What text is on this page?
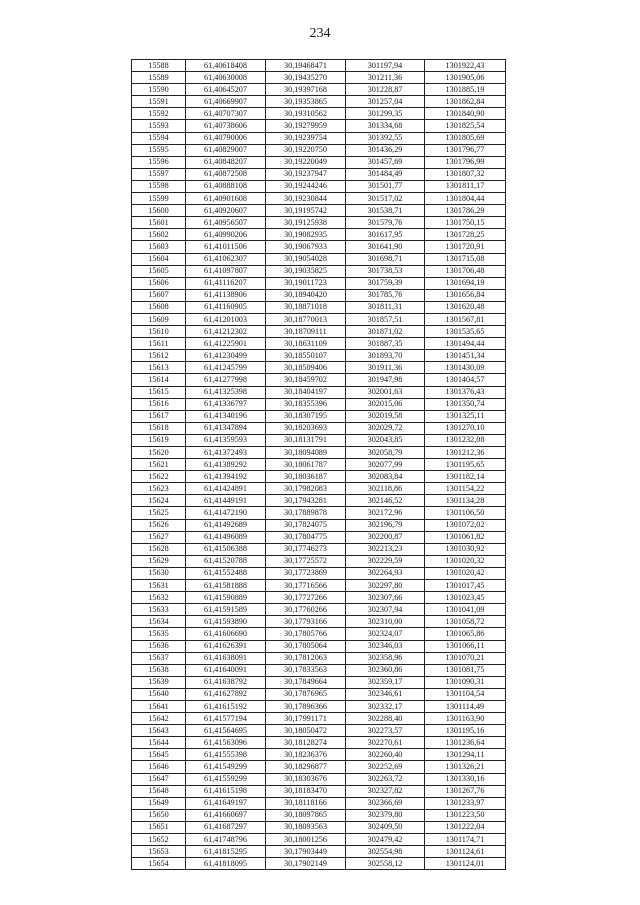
234
15588	61,40618408	30,19468471	301197,94	1301922,43
15589	61,40630008	30,19435270	301211,36	1301905,06
15590	61,40645207	30,19397168	301228,87	1301885,19
15591	61,40669907	30,19353865	301257,04	1301862,84
15592	61,40707307	30,19310562	301299,35	1301840,90
15593	61,40738606	30,19279959	301334,68	1301825,54
15594	61,40790006	30,19239754	301392,55	1301805,69
15595	61,40829007	30,19220750	301436,29	1301796,77
15596	61,40848207	30,19220049	301457,69	1301796,99
15597	61,40872508	30,19237947	301484,49	1301807,32
15598	61,40888108	30,19244246	301501,77	1301811,17
15599	61,40901608	30,19230844	301517,02	1301804,44
15600	61,40920607	30,19195742	301538,71	1301786,29
15601	61,40956507	30,19125938	301579,76	1301750,15
15602	61,40990206	30,19082935	301617,95	1301728,25
15603	61,41011506	30,19067933	301641,90	1301720,91
15604	61,41062307	30,19054028	301698,71	1301715,08
15605	61,41097807	30,19035825	301738,53	1301706,48
15606	61,41116207	30,19011723	301759,39	1301694,19
15607	61,41138906	30,18940420	301785,76	1301656,84
15608	61,41160905	30,18871018	301811,31	1301620,48
15609	61,41201003	30,18770013	301857,51	1301567,81
15610	61,41212302	30,18709111	301871,02	1301535,65
15611	61,41225901	30,18631109	301887,35	1301494,44
15612	61,41230499	30,18550107	301893,70	1301451,34
15613	61,41245799	30,18509406	301911,36	1301430,09
15614	61,41277998	30,18459702	301947,98	1301404,57
15615	61,41325398	30,18404197	302001,63	1301376,43
15616	61,41336797	30,18355396	302015,06	1301350,74
15617	61,41340196	30,18307195	302019,58	1301325,11
15618	61,41347894	30,18203693	302029,72	1301270,10
15619	61,41359593	30,18131791	302043,85	1301232,08
15620	61,41372493	30,18094089	302058,79	1301212,36
15621	61,41389292	30,18061787	302077,99	1301195,65
15622	61,41394192	30,18036187	302083,84	1301182,14
15623	61,41424891	30,17982083	302118,86	1301154,22
15624	61,41449191	30,17943281	302146,52	1301134,28
15625	61,41472190	30,17889878	302172,96	1301106,50
15626	61,41492689	30,17824075	302196,79	1301072,02
15627	61,41496089	30,17804775	302200,87	1301061,82
15628	61,41506388	30,17746273	302213,23	1301030,92
15629	61,41520788	30,17725572	302229,59	1301020,32
15630	61,41552488	30,17723869	302264,93	1301020,42
15631	61,41581888	30,17716566	302297,80	1301017,45
15632	61,41590889	30,17727266	302307,66	1301023,45
15633	61,41591589	30,17760266	302307,94	1301041,09
15634	61,41593890	30,17793166	302310,00	1301058,72
15635	61,41606690	30,17805766	302324,07	1301065,86
15636	61,41626391	30,17805064	302346,03	1301066,11
15637	61,41638091	30,17812063	302358,96	1301070,21
15638	61,41640091	30,17833563	302360,86	1301081,75
15639	61,41638792	30,17849664	302359,17	1301090,31
15640	61,41627892	30,17876965	302346,61	1301104,54
15641	61,41615192	30,17896366	302332,17	1301114,49
15642	61,41577194	30,17991171	302288,40	1301163,90
15643	61,41564695	30,18050472	302273,57	1301195,16
15644	61,41563096	30,18128274	302270,61	1301236,64
15645	61,41555398	30,18236376	302260,40	1301294,11
15646	61,41549299	30,18296877	302252,69	1301326,21
15647	61,41559299	30,18303676	302263,72	1301330,16
15648	61,41615198	30,18183470	302327,82	1301267,76
15649	61,41649197	30,18118166	302366,69	1301233,97
15650	61,41660697	30,18097865	302379,80	1301223,50
15651	61,41687297	30,18093563	302409,50	1301222,04
15652	61,41748796	30,18001256	302479,42	1301174,71
15653	61,41815295	30,17903449	302554,98	1301124,61
15654	61,41818095	30,17902149	302558,12	1301124,01
